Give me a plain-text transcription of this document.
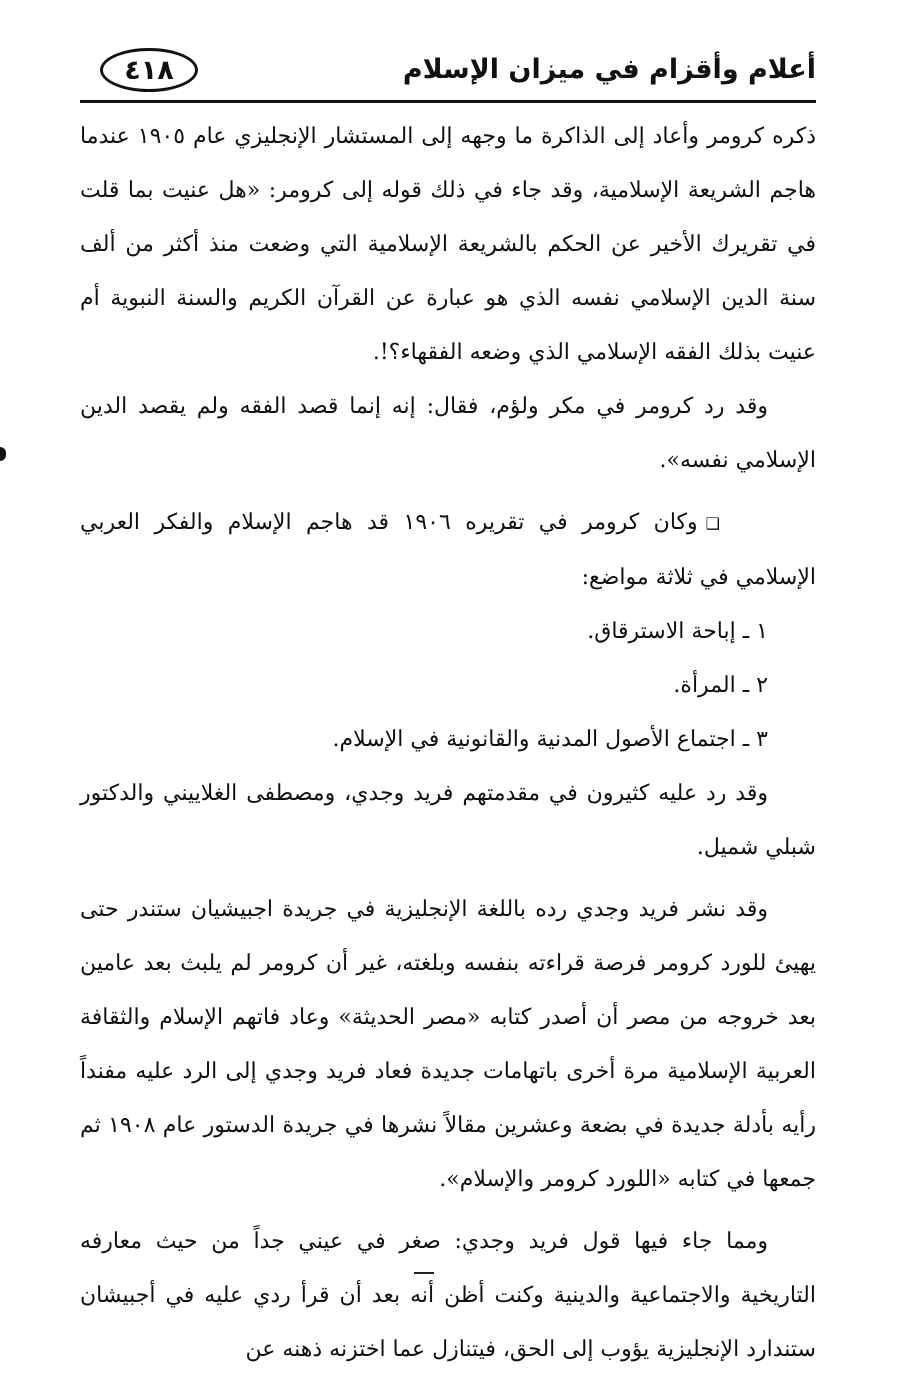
أعلام وأقزام في ميزان الإسلام
٤١٨

ذكره كرومر وأعاد إلى الذاكرة ما وجهه إلى المستشار الإنجليزي عام ١٩٠٥ عندما هاجم الشريعة الإسلامية، وقد جاء في ذلك قوله إلى كرومر: «هل عنيت بما قلت في تقريرك الأخير عن الحكم بالشريعة الإسلامية التي وضعت منذ أكثر من ألف سنة الدين الإسلامي نفسه الذي هو عبارة عن القرآن الكريم والسنة النبوية أم عنيت بذلك الفقه الإسلامي الذي وضعه الفقهاء؟!.

وقد رد كرومر في مكر ولؤم، فقال: إنه إنما قصد الفقه ولم يقصد الدين الإسلامي نفسه».

❑وكان كرومر في تقريره ١٩٠٦ قد هاجم الإسلام والفكر العربي الإسلامي في ثلاثة مواضع:

١ ـ إباحة الاسترقاق.

٢ ـ المرأة.

٣ ـ اجتماع الأصول المدنية والقانونية في الإسلام.

وقد رد عليه كثيرون في مقدمتهم فريد وجدي، ومصطفى الغلاييني والدكتور شبلي شميل.

وقد نشر فريد وجدي رده باللغة الإنجليزية في جريدة اجبيشيان ستندر حتى يهيئ للورد كرومر فرصة قراءته بنفسه وبلغته، غير أن كرومر لم يلبث بعد عامين بعد خروجه من مصر أن أصدر كتابه «مصر الحديثة» وعاد فاتهم الإسلام والثقافة العربية الإسلامية مرة أخرى باتهامات جديدة فعاد فريد وجدي إلى الرد عليه مفنداً رأيه بأدلة جديدة في بضعة وعشرين مقالاً نشرها في جريدة الدستور عام ١٩٠٨ ثم جمعها في كتابه «اللورد كرومر والإسلام».

ومما جاء فيها قول فريد وجدي: صغر في عيني جداً من حيث معارفه التاريخية والاجتماعية والدينية وكنت أظن أنه بعد أن قرأ ردي عليه في أجبيشان ستندارد الإنجليزية يؤوب إلى الحق، فيتنازل عما اختزنه ذهنه عن
